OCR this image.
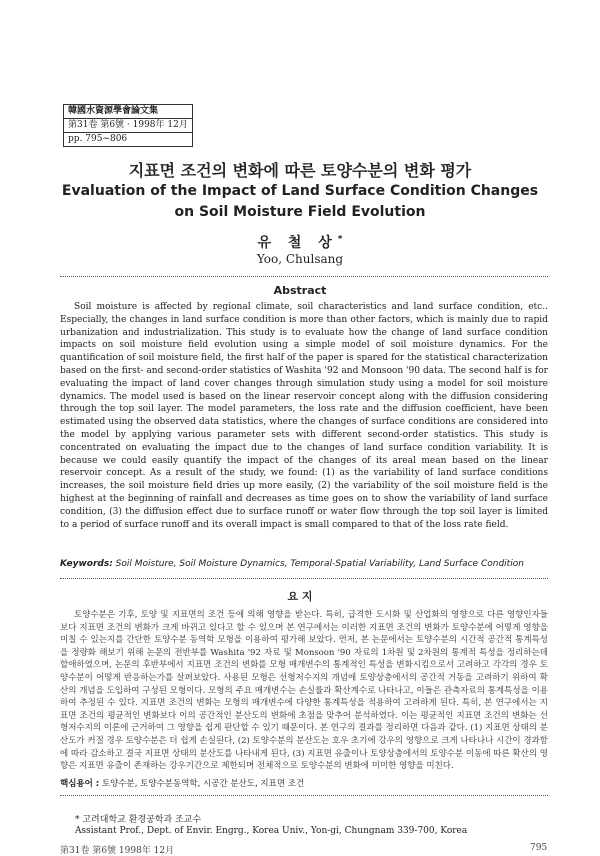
韓國水資源學會論文集
第31卷 第6號 · 1998年 12月
pp. 795~806
지표면 조건의 변화에 따른 토양수분의 변화 평가
Evaluation of the Impact of Land Surface Condition Changes
on Soil Moisture Field Evolution
유 철 상*
Yoo, Chulsang
Abstract
Soil moisture is affected by regional climate, soil characteristics and land surface condition, etc.. Especially, the changes in land surface condition is more than other factors, which is mainly due to rapid urbanization and industrialization. This study is to evaluate how the change of land surface condition impacts on soil moisture field evolution using a simple model of soil moisture dynamics. For the quantification of soil moisture field, the first half of the paper is spared for the statistical characterization based on the first- and second-order statistics of Washita '92 and Monsoon '90 data. The second half is for evaluating the impact of land cover changes through simulation study using a model for soil moisture dynamics. The model used is based on the linear reservoir concept along with the diffusion considering through the top soil layer. The model parameters, the loss rate and the diffusion coefficient, have been estimated using the observed data statistics, where the changes of surface conditions are considered into the model by applying various parameter sets with different second-order statistics. This study is concentrated on evaluating the impact due to the changes of land surface condition variability. It is because we could easily quantify the impact of the changes of its areal mean based on the linear reservoir concept. As a result of the study, we found: (1) as the variability of land surface conditions increases, the soil moisture field dries up more easily, (2) the variability of the soil moisture field is the highest at the beginning of rainfall and decreases as time goes on to show the variability of land surface condition, (3) the diffusion effect due to surface runoff or water flow through the top soil layer is limited to a period of surface runoff and its overall impact is small compared to that of the loss rate field.
Keywords: Soil Moisture, Soil Moisture Dynamics, Temporal-Spatial Variability, Land Surface Condition
요 지
토양수분은 기후, 토양 및 지표면의 조건 등에 의해 영향을 받는다. 특히, 급격한 도시화 및 산업화의 영향으로 다른 영향인자들 보다 지표면 조건의 변화가 크게 바뀌고 있다고 할 수 있으며 본 연구에서는 이러한 지표면 조건의 변화가 토양수분에 어떻게 영향을 미칠 수 있는지를 간단한 토양수분 동역학 모형을 이용하여 평가해 보았다. 먼저, 본 논문에서는 토양수분의 시간적 공간적 통계특성을 정량화 해보기 위해 논문의 전반부를 Washita '92 자료 및 Monsoon '90 자료의 1차원 및 2차원의 통계적 특성을 정리하는데 할애하였으며, 논문의 후반부에서 지표면 조건의 변화를 모형 매개변수의 통계적인 특성을 변화시킴으로서 고려하고 각각의 경우 토양수분이 어떻게 반응하는가를 살펴보았다. 사용된 모형은 선형저수지의 개념에 토양상층에서의 공간적 거동을 고려하기 위하여 확산의 개념을 도입하여 구성된 모형이다. 모형의 주요 매개변수는 손실률과 확산계수로 나타나고, 이들은 관측자료의 통계특성을 이용하여 추정된 수 있다. 지표면 조건의 변화는 모형의 매개변수에 다양한 통계특성을 적용하여 고려하게 된다. 특히, 본 연구에서는 지표면 조건의 평균적인 변화보다 이의 공간적인 분산도의 변화에 초점을 맞추어 분석하였다. 이는 평균적인 지표면 조건의 변화는 선형저수지의 이론에 근거하여 그 영향을 쉽게 판단할 수 있기 때문이다. 본 연구의 결과를 정리하면 다음과 같다. (1) 지표면 상태의 분산도가 커질 경우 토양수분은 더 쉽게 손실된다, (2) 토양수분의 분산도는 호우 초기에 강우의 영향으로 크게 나타나나 시간이 경과함에 따라 감소하고 결국 지표면 상태의 분산도를 나타내게 된다, (3) 지표면 유출이나 토양상층에서의 토양수분 이동에 따른 확산의 영향은 지표면 유출이 존재하는 강우기간으로 제한되며 전체적으로 토양수분의 변화에 미미한 영향을 미친다.
핵심용어 : 토양수분, 토양수분동역학, 시공간 분산도, 지표면 조건
* 고려대학교 환경공학과 조교수
Assistant Prof., Dept. of Envir. Engrg., Korea Univ., Yon-gi, Chungnam 339-700, Korea
第31卷 第6號 1998年 12月	795
